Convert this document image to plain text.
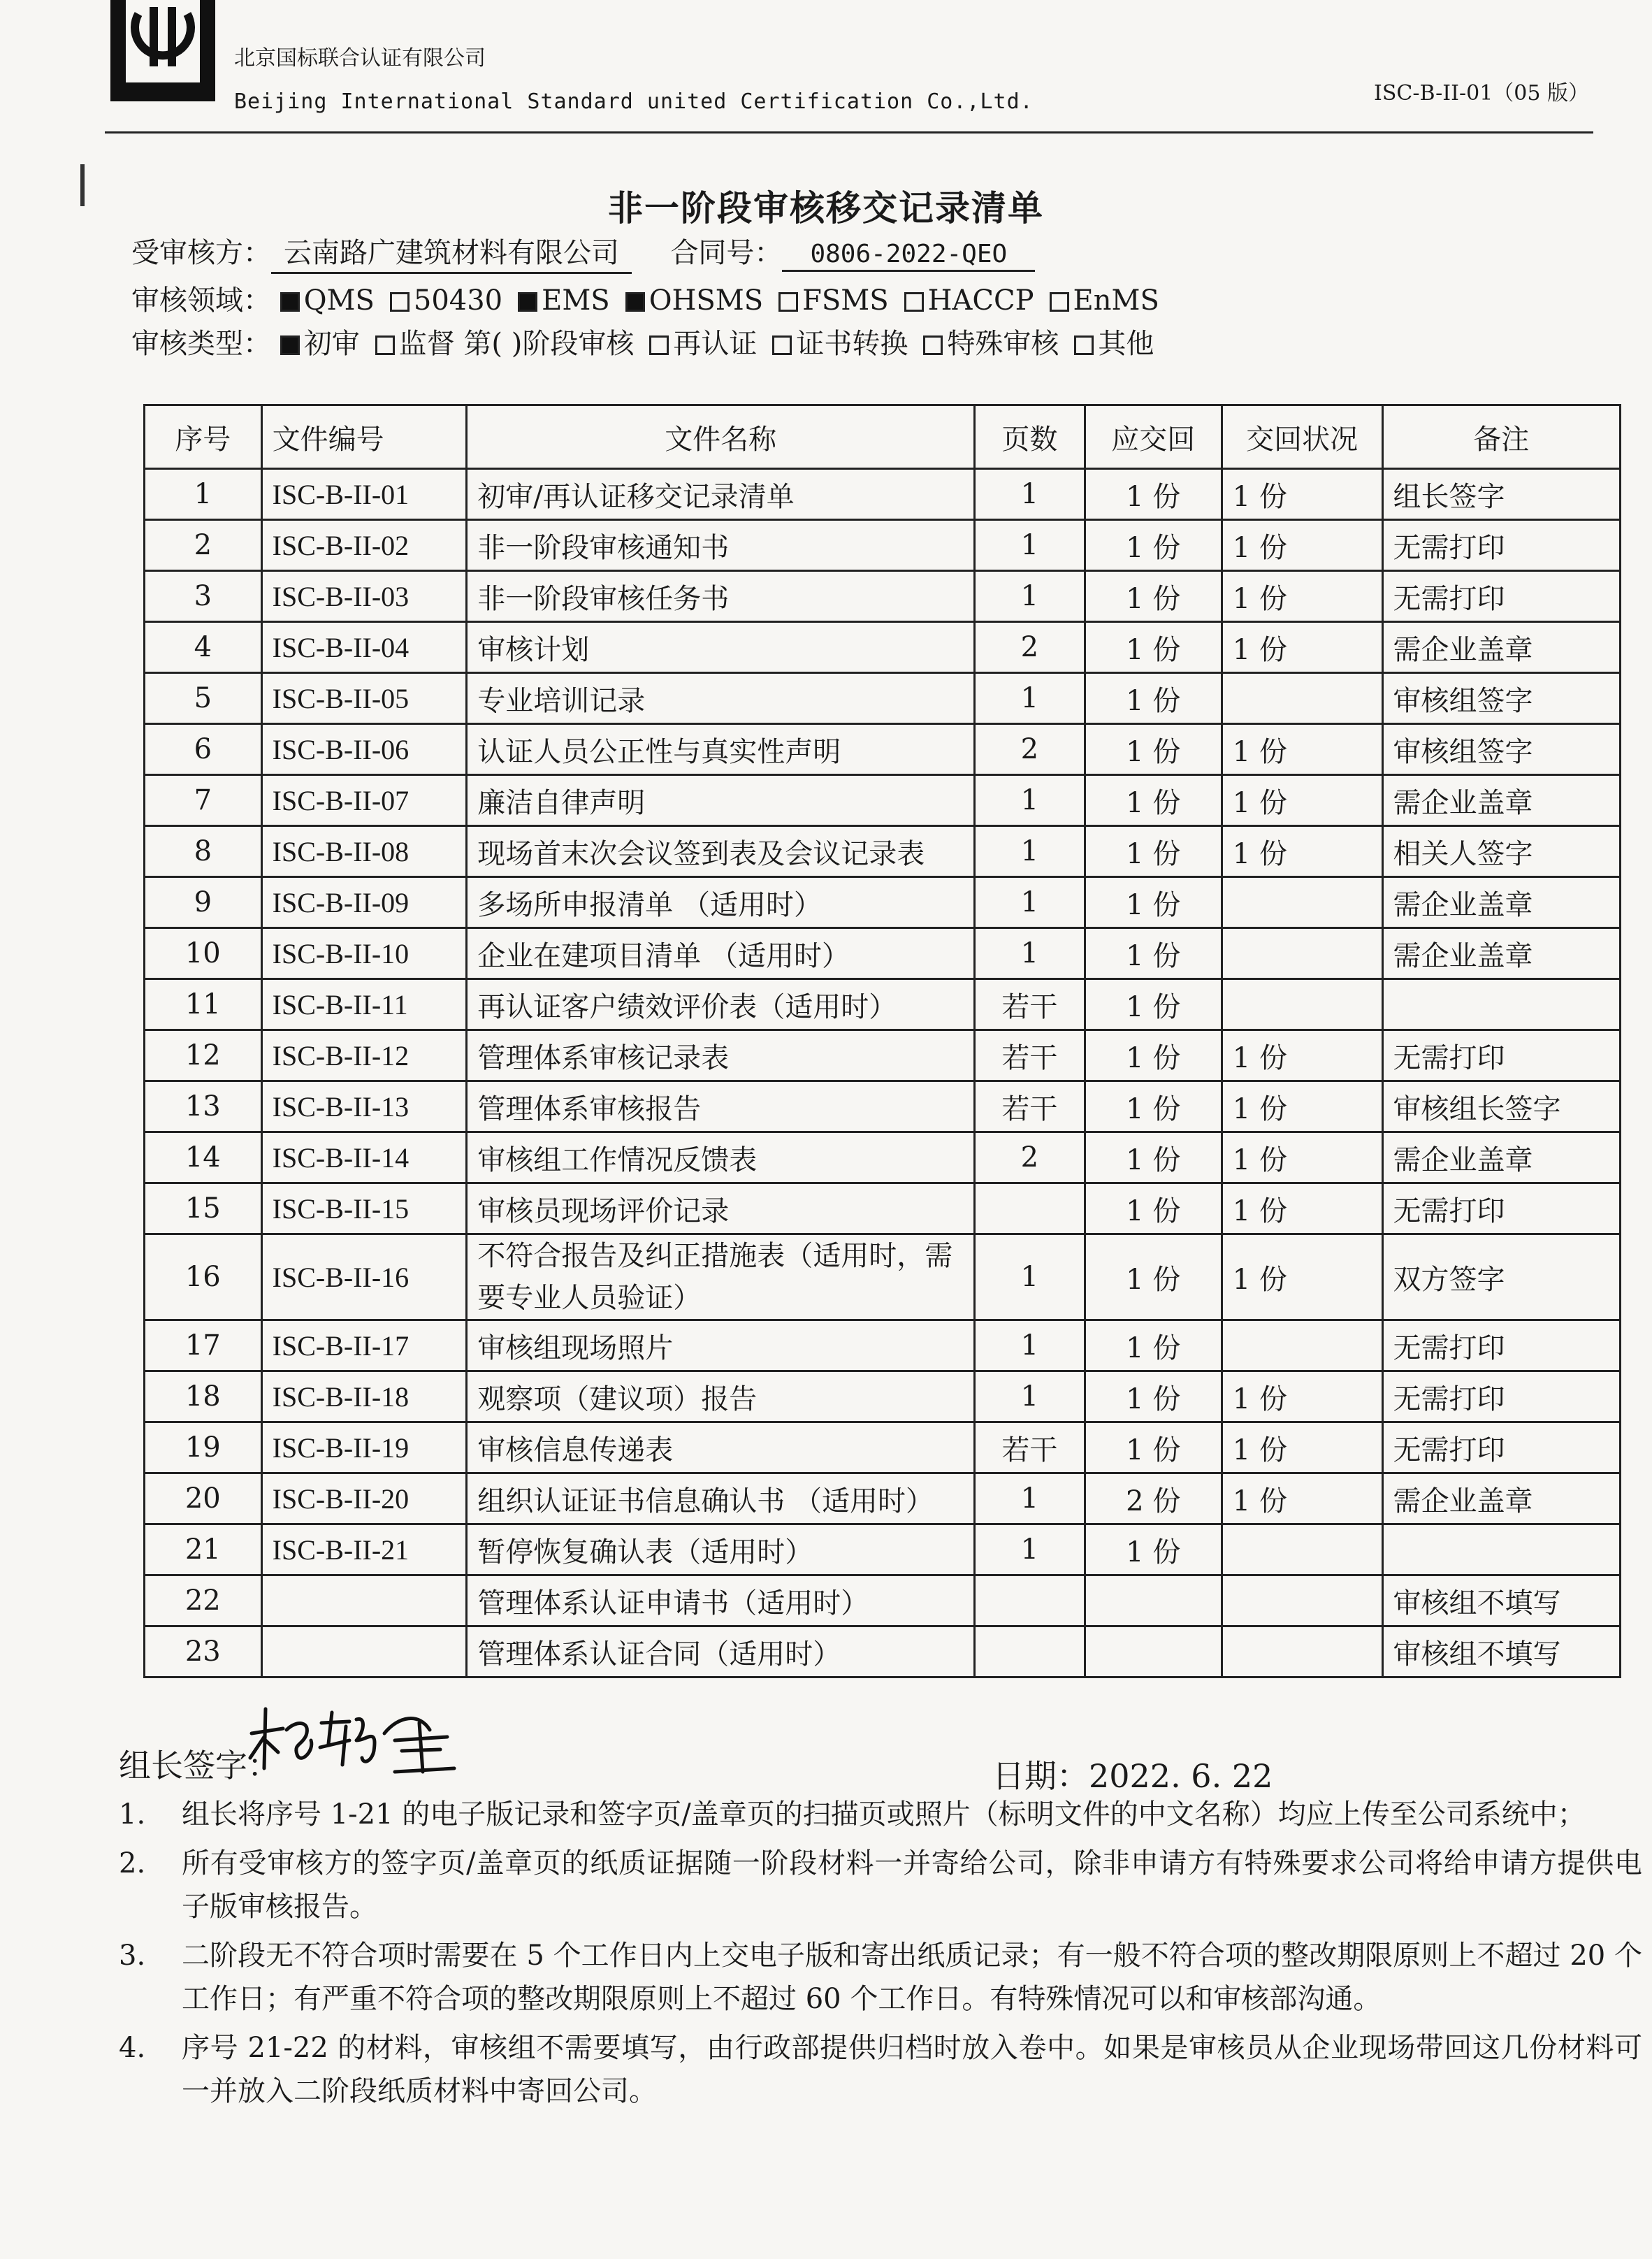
北京国标联合认证有限公司
Beijing International Standard united Certification Co.,Ltd.	ISC-B-II-01（05 版）
非一阶段审核移交记录清单
受审核方： 云南路广建筑材料有限公司 合同号： 0806-2022-QEO
审核领域： QMS 50430 EMS OHSMS FSMS HACCP EnMS
审核类型： 初审 监督 第( )阶段审核 再认证 证书转换 特殊审核 其他
序号	文件编号	文件名称	页数	应交回	交回状况	备注
1	ISC-B-II-01	初审/再认证移交记录清单	1	1 份	1 份	组长签字
2	ISC-B-II-02	非一阶段审核通知书	1	1 份	1 份	无需打印
3	ISC-B-II-03	非一阶段审核任务书	1	1 份	1 份	无需打印
4	ISC-B-II-04	审核计划	2	1 份	1 份	需企业盖章
5	ISC-B-II-05	专业培训记录	1	1 份		审核组签字
6	ISC-B-II-06	认证人员公正性与真实性声明	2	1 份	1 份	审核组签字
7	ISC-B-II-07	廉洁自律声明	1	1 份	1 份	需企业盖章
8	ISC-B-II-08	现场首末次会议签到表及会议记录表	1	1 份	1 份	相关人签字
9	ISC-B-II-09	多场所申报清单 （适用时）	1	1 份		需企业盖章
10	ISC-B-II-10	企业在建项目清单 （适用时）	1	1 份		需企业盖章
11	ISC-B-II-11	再认证客户绩效评价表（适用时）	若干	1 份		
12	ISC-B-II-12	管理体系审核记录表	若干	1 份	1 份	无需打印
13	ISC-B-II-13	管理体系审核报告	若干	1 份	1 份	审核组长签字
14	ISC-B-II-14	审核组工作情况反馈表	2	1 份	1 份	需企业盖章
15	ISC-B-II-15	审核员现场评价记录		1 份	1 份	无需打印
16	ISC-B-II-16	不符合报告及纠正措施表（适用时，需要专业人员验证）	1	1 份	1 份	双方签字
17	ISC-B-II-17	审核组现场照片	1	1 份		无需打印
18	ISC-B-II-18	观察项（建议项）报告	1	1 份	1 份	无需打印
19	ISC-B-II-19	审核信息传递表	若干	1 份	1 份	无需打印
20	ISC-B-II-20	组织认证证书信息确认书 （适用时）	1	2 份	1 份	需企业盖章
21	ISC-B-II-21	暂停恢复确认表（适用时）	1	1 份		
22		管理体系认证申请书（适用时）				审核组不填写
23		管理体系认证合同（适用时）				审核组不填写
组长签字：	日期：2022. 6. 22
1.	组长将序号 1-21 的电子版记录和签字页/盖章页的扫描页或照片（标明文件的中文名称）均应上传至公司系统中；
2.	所有受审核方的签字页/盖章页的纸质证据随一阶段材料一并寄给公司，除非申请方有特殊要求公司将给申请方提供电子版审核报告。
3.	二阶段无不符合项时需要在 5 个工作日内上交电子版和寄出纸质记录；有一般不符合项的整改期限原则上不超过 20 个工作日；有严重不符合项的整改期限原则上不超过 60 个工作日。有特殊情况可以和审核部沟通。
4.	序号 21-22 的材料，审核组不需要填写，由行政部提供归档时放入卷中。如果是审核员从企业现场带回这几份材料可一并放入二阶段纸质材料中寄回公司。
